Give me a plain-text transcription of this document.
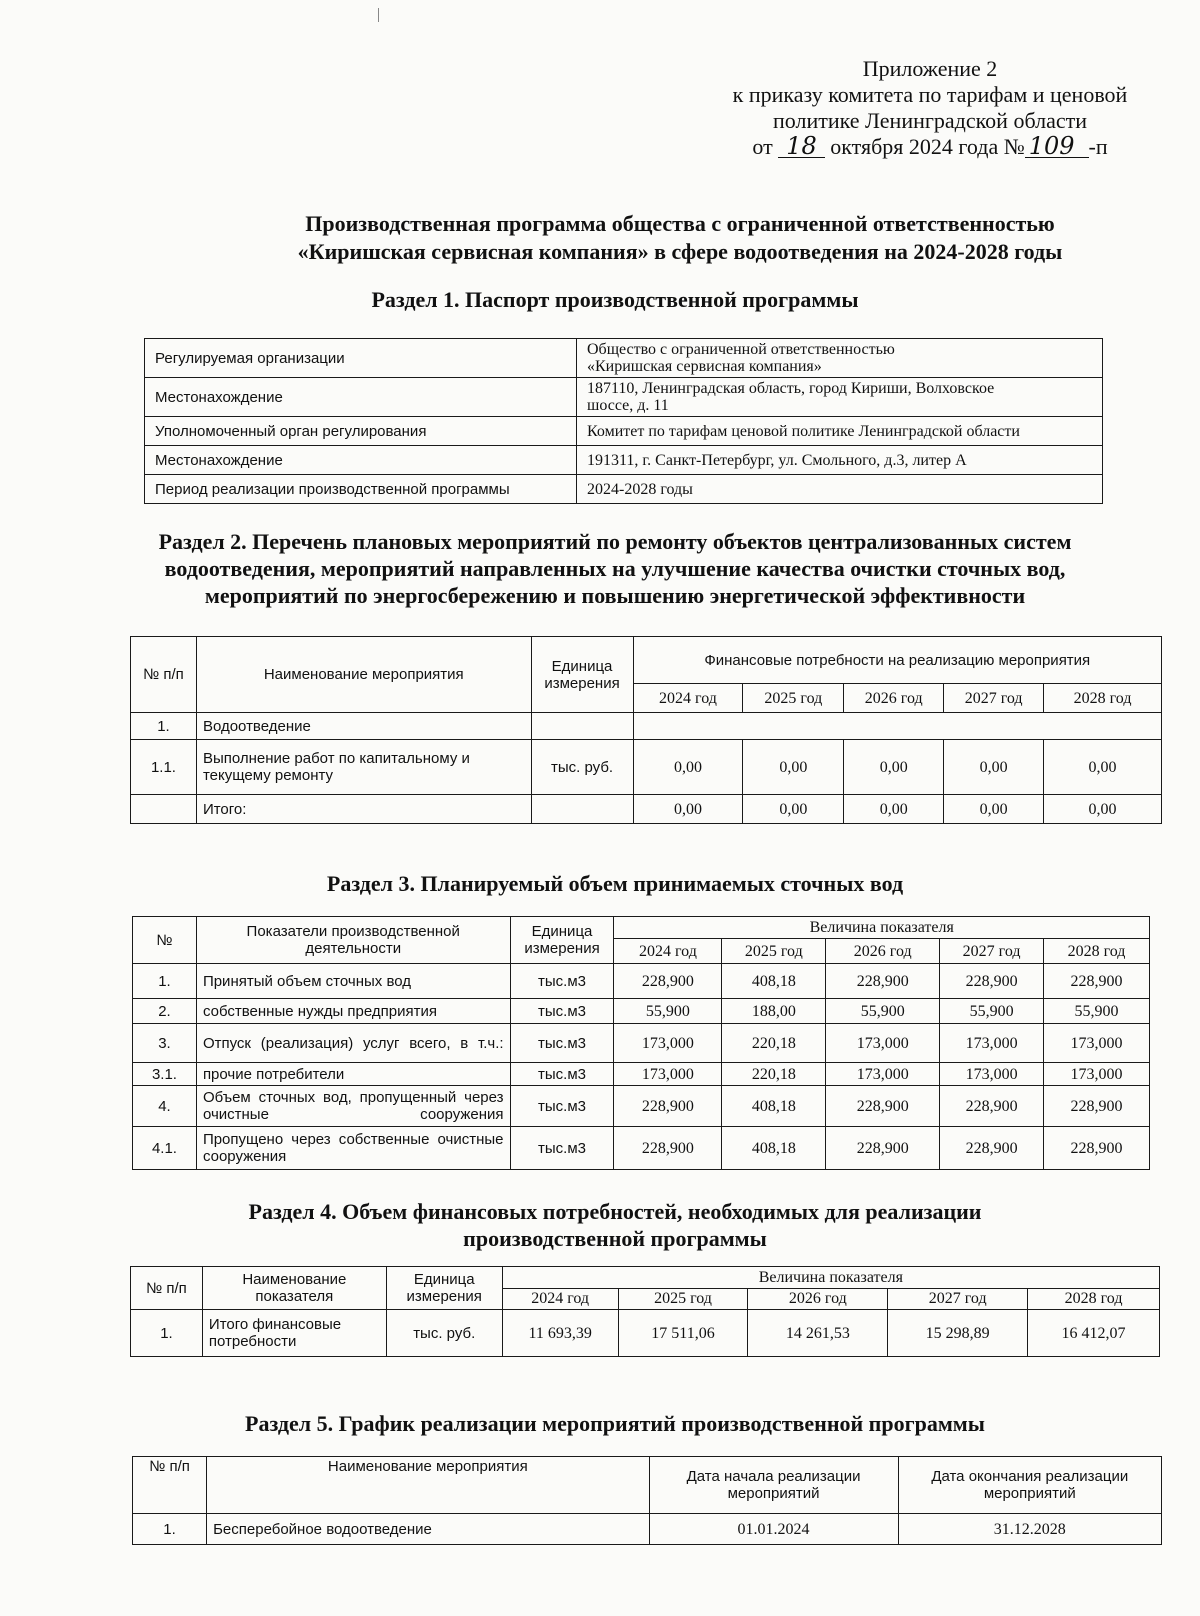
Приложение 2
к приказу комитета по тарифам и ценовой
политике Ленинградской области
от 18 октября 2024 года № 109 -п
Производственная программа общества с ограниченной ответственностью
«Киришская сервисная компания» в сфере водоотведения на 2024-2028 годы
Раздел 1. Паспорт производственной программы
Регулируемая организации	Общество с ограниченной ответственностью
«Киришская сервисная компания»

Местонахождение	187110, Ленинградская область, город Кириши, Волховское
шоссе, д. 11

Уполномоченный орган регулирования	Комитет по тарифам ценовой политике Ленинградской области
Местонахождение	191311, г. Санкт-Петербург, ул. Смольного, д.3, литер А
Период реализации производственной программы	2024-2028 годы
Раздел 2. Перечень плановых мероприятий по ремонту объектов централизованных систем
водоотведения, мероприятий направленных на улучшение качества очистки сточных вод,
мероприятий по энергосбережению и повышению энергетической эффективности
№ п/п	Наименование мероприятия	Единица измерения	Финансовые потребности на реализацию мероприятия				
			2024 год	2025 год	2026 год	2027 год	2028 год
1.	Водоотведение						
1.1.	Выполнение работ по капитальному и текущему ремонту	тыс. руб.	0,00	0,00	0,00	0,00	0,00
	Итого:		0,00	0,00	0,00	0,00	0,00
Раздел 3. Планируемый объем принимаемых сточных вод
№	Показатели производственной деятельности	Единица измерения	Величина показателя				
			2024 год	2025 год	2026 год	2027 год	2028 год
1.	Принятый объем сточных вод	тыс.м3	228,900	408,18	228,900	228,900	228,900
2.	собственные нужды предприятия	тыс.м3	55,900	188,00	55,900	55,900	55,900
3.	Отпуск (реализация) услуг всего, в т.ч.:	тыс.м3	173,000	220,18	173,000	173,000	173,000
3.1.	прочие потребители	тыс.м3	173,000	220,18	173,000	173,000	173,000
4.	Объем сточных вод, пропущенный через очистные сооружения	тыс.м3	228,900	408,18	228,900	228,900	228,900
4.1.	Пропущено через собственные очистные сооружения	тыс.м3	228,900	408,18	228,900	228,900	228,900
Раздел 4. Объем финансовых потребностей, необходимых для реализации
производственной программы
№ п/п	Наименование показателя	Единица измерения	Величина показателя				
			2024 год	2025 год	2026 год	2027 год	2028 год
1.	Итого финансовые потребности	тыс. руб.	11 693,39	17 511,06	14 261,53	15 298,89	16 412,07
Раздел 5. График реализации мероприятий производственной программы
№ п/п	Наименование мероприятия	Дата начала реализации мероприятий	Дата окончания реализации мероприятий
1.	Бесперебойное водоотведение	01.01.2024	31.12.2028
